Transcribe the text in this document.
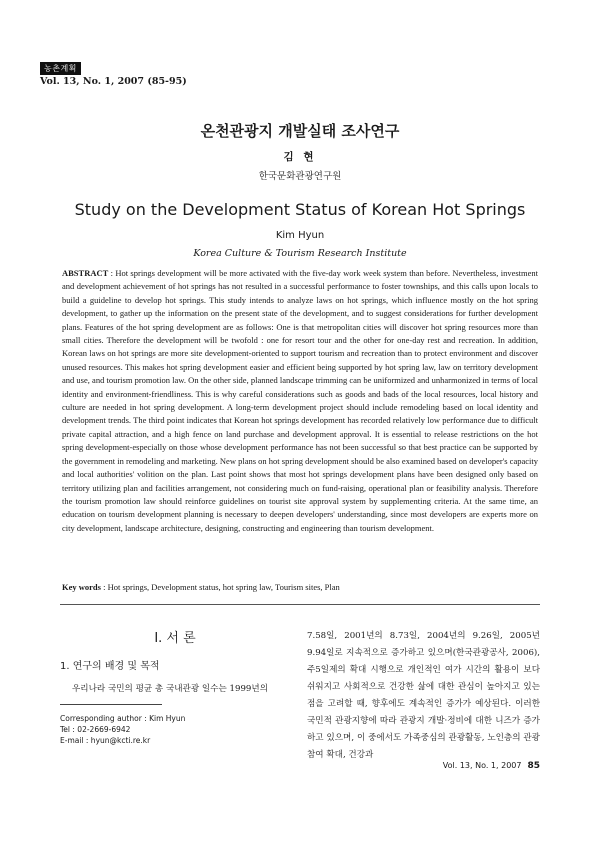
농촌계획
Vol. 13, No. 1, 2007 (85-95)
온천관광지 개발실태 조사연구
김 현
한국문화관광연구원
Study on the Development Status of Korean Hot Springs
Kim Hyun
Korea Culture & Tourism Research Institute
ABSTRACT : Hot springs development will be more activated with the five-day work week system than before. Nevertheless, investment and development achievement of hot springs has not resulted in a successful performance to foster townships, and this calls upon locals to build a guideline to develop hot springs. This study intends to analyze laws on hot springs, which influence mostly on the hot spring development, to gather up the information on the present state of the development, and to suggest considerations for further development plans. Features of the hot spring development are as follows: One is that metropolitan cities will discover hot spring resources more than small cities. Therefore the development will be twofold : one for resort tour and the other for one-day rest and recreation. In addition, Korean laws on hot springs are more site development-oriented to support tourism and recreation than to protect environment and discover unused resources. This makes hot spring development easier and efficient being supported by hot spring law, law on territory development and use, and tourism promotion law. On the other side, planned landscape trimming can be uniformized and unharmonized in terms of local identity and environment-friendliness. This is why careful considerations such as goods and bads of the local resources, local history and culture are needed in hot spring development. A long-term development project should include remodeling based on local identity and development trends. The third point indicates that Korean hot springs development has recorded relatively low performance due to difficult private capital attraction, and a high fence on land purchase and development approval. It is essential to release restrictions on the hot spring development-especially on those whose development performance has not been successful so that best practice can be supported by the government in remodeling and marketing. New plans on hot spring development should be also examined based on developer's capacity and local authorities' volition on the plan. Last point shows that most hot springs development plans have been designed only based on territory utilizing plan and facilities arrangement, not considering much on fund-raising, operational plan or feasibility analysis. Therefore the tourism promotion law should reinforce guidelines on tourist site approval system by supplementing criteria. At the same time, an education on tourism development planning is necessary to deepen developers' understanding, since most developers are experts more on city development, landscape architecture, designing, constructing and engineering than tourism development.
Key words : Hot springs, Development status, hot spring law, Tourism sites, Plan
I. 서 론
1. 연구의 배경 및 목적
우리나라 국민의 평균 총 국내관광 일수는 1999년의
Corresponding author : Kim Hyun
Tel : 02-2669-6942
E-mail : hyun@kcti.re.kr
7.58일, 2001년의 8.73일, 2004년의 9.26일, 2005년 9.94일로 지속적으로 증가하고 있으며(한국관광공사, 2006), 주5일제의 확대 시행으로 개인적인 여가 시간의 활용이 보다 쉬워지고 사회적으로 건강한 삶에 대한 관심이 높아지고 있는 점을 고려할 때, 향후에도 계속적인 증가가 예상된다. 이러한 국민적 관광지향에 따라 관광지 개발·정비에 대한 니즈가 증가하고 있으며, 이 중에서도 가족중심의 관광활동, 노인층의 관광참여 확대, 건강과
Vol. 13, No. 1, 2007 85
